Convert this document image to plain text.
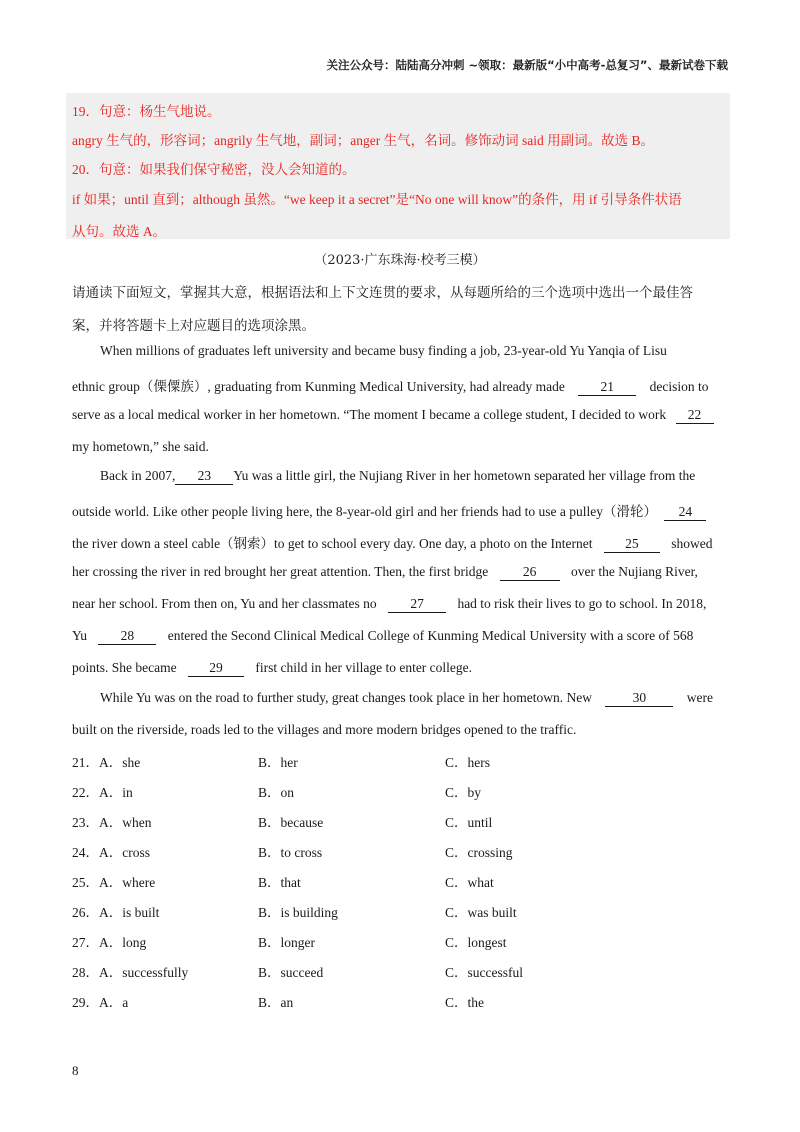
关注公众号：陆陆高分冲刺 ~领取：最新版“小中高考-总复习”、最新试卷下载
19．句意：杨生气地说。
angry 生气的，形容词；angrily 生气地，副词；anger 生气，名词。修饰动词 said 用副词。故选 B。
20．句意：如果我们保守秘密，没人会知道的。
if 如果；until 直到；although 虽然。“we keep it a secret”是“No one will know”的条件，用 if 引导条件状语
从句。故选 A。
（2023·广东珠海·校考三模）
请通读下面短文，掌握其大意，根据语法和上下文连贯的要求，从每题所给的三个选项中选出一个最佳答
案，并将答题卡上对应题目的选项涂黑。
When millions of graduates left university and became busy finding a job, 23-year-old Yu Yanqia of Lisu
ethnic group（傈僳族）, graduating from Kunming Medical University, had already made	21	decision to
serve as a local medical worker in her hometown. “The moment I became a college student, I decided to work 22
my hometown,” she said.
Back in 2007, 23 Yu was a little girl, the Nujiang River in her hometown separated her village from the
outside world. Like other people living here, the 8-year-old girl and her friends had to use a pulley（滑轮） 24
the river down a steel cable（钢索）to get to school every day. One day, a photo on the Internet 25 showed
her crossing the river in red brought her great attention. Then, the first bridge	26	over the Nujiang River,
near her school. From then on, Yu and her classmates no 27 had to risk their lives to go to school. In 2018,
Yu 28 entered the Second Clinical Medical College of Kunming Medical University with a score of 568
points. She became 29 first child in her village to enter college.
While Yu was on the road to further study, great changes took place in her hometown. New	30	were
built on the riverside, roads led to the villages and more modern bridges opened to the traffic.
21．A．she	B．her	C．hers
22．A．in	B．on	C．by
23．A．when	B．because	C．until
24．A．cross	B．to cross	C．crossing
25．A．where	B．that	C．what
26．A．is built	B．is building	C．was built
27．A．long	B．longer	C．longest
28．A．successfully	B．succeed	C．successful
29．A．a	B．an	C．the
8
